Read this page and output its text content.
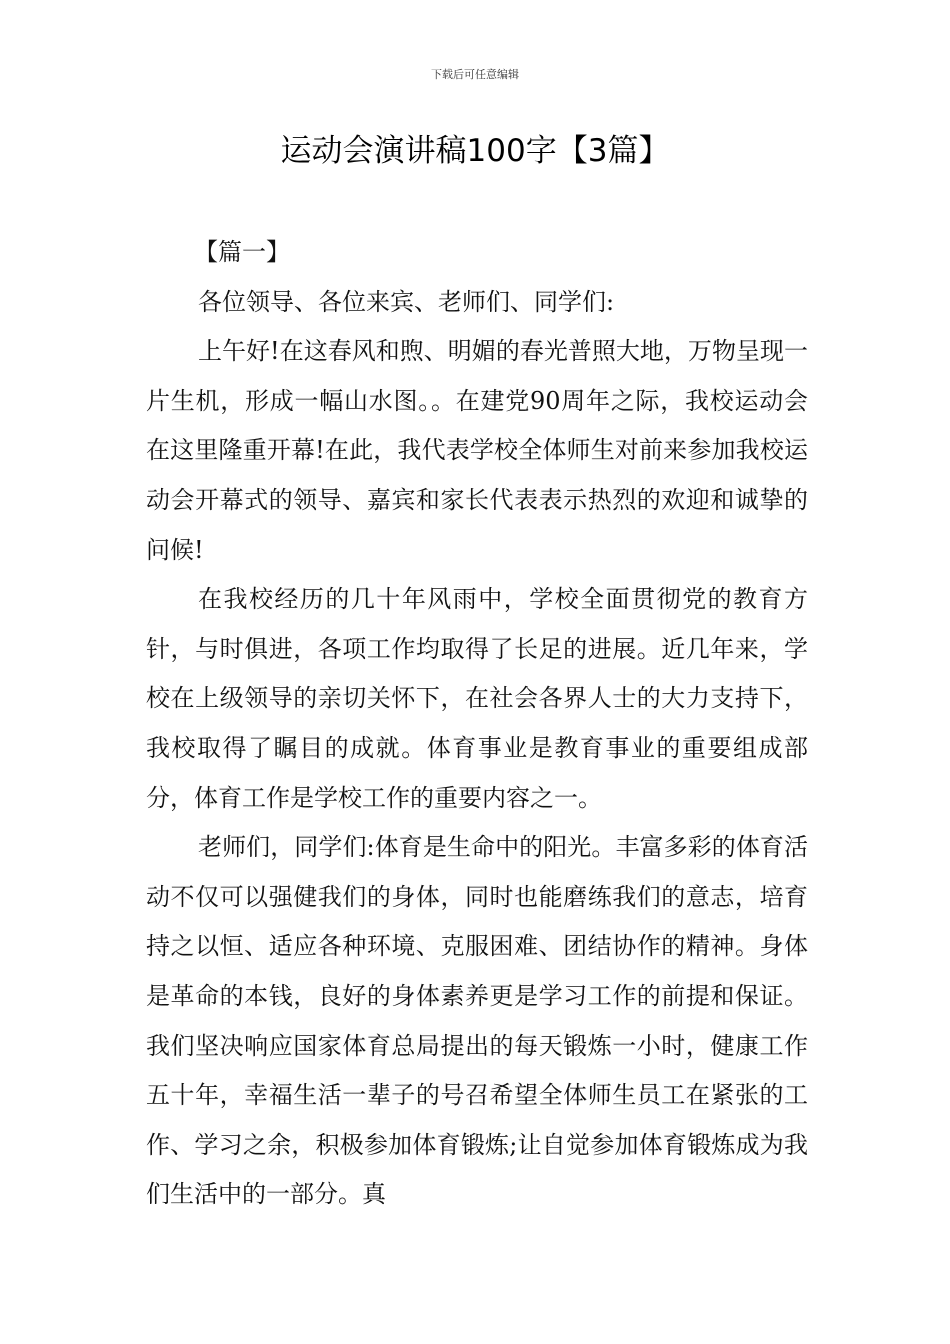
下载后可任意编辑
运动会演讲稿100字【3篇】

【篇一】

各位领导、各位来宾、老师们、同学们:

上午好!在这春风和煦、明媚的春光普照大地，万物呈现一片生机，形成一幅山水图。。在建党90周年之际，我校运动会在这里隆重开幕!在此，我代表学校全体师生对前来参加我校运动会开幕式的领导、嘉宾和家长代表表示热烈的欢迎和诚挚的问候!

在我校经历的几十年风雨中，学校全面贯彻党的教育方针，与时俱进，各项工作均取得了长足的进展。近几年来，学校在上级领导的亲切关怀下，在社会各界人士的大力支持下，我校取得了瞩目的成就。体育事业是教育事业的重要组成部分，体育工作是学校工作的重要内容之一。

老师们，同学们:体育是生命中的阳光。丰富多彩的体育活动不仅可以强健我们的身体，同时也能磨练我们的意志，培育持之以恒、适应各种环境、克服困难、团结协作的精神。身体是革命的本钱，良好的身体素养更是学习工作的前提和保证。我们坚决响应国家体育总局提出的每天锻炼一小时，健康工作五十年，幸福生活一辈子的号召希望全体师生员工在紧张的工作、学习之余，积极参加体育锻炼;让自觉参加体育锻炼成为我们生活中的一部分。真
